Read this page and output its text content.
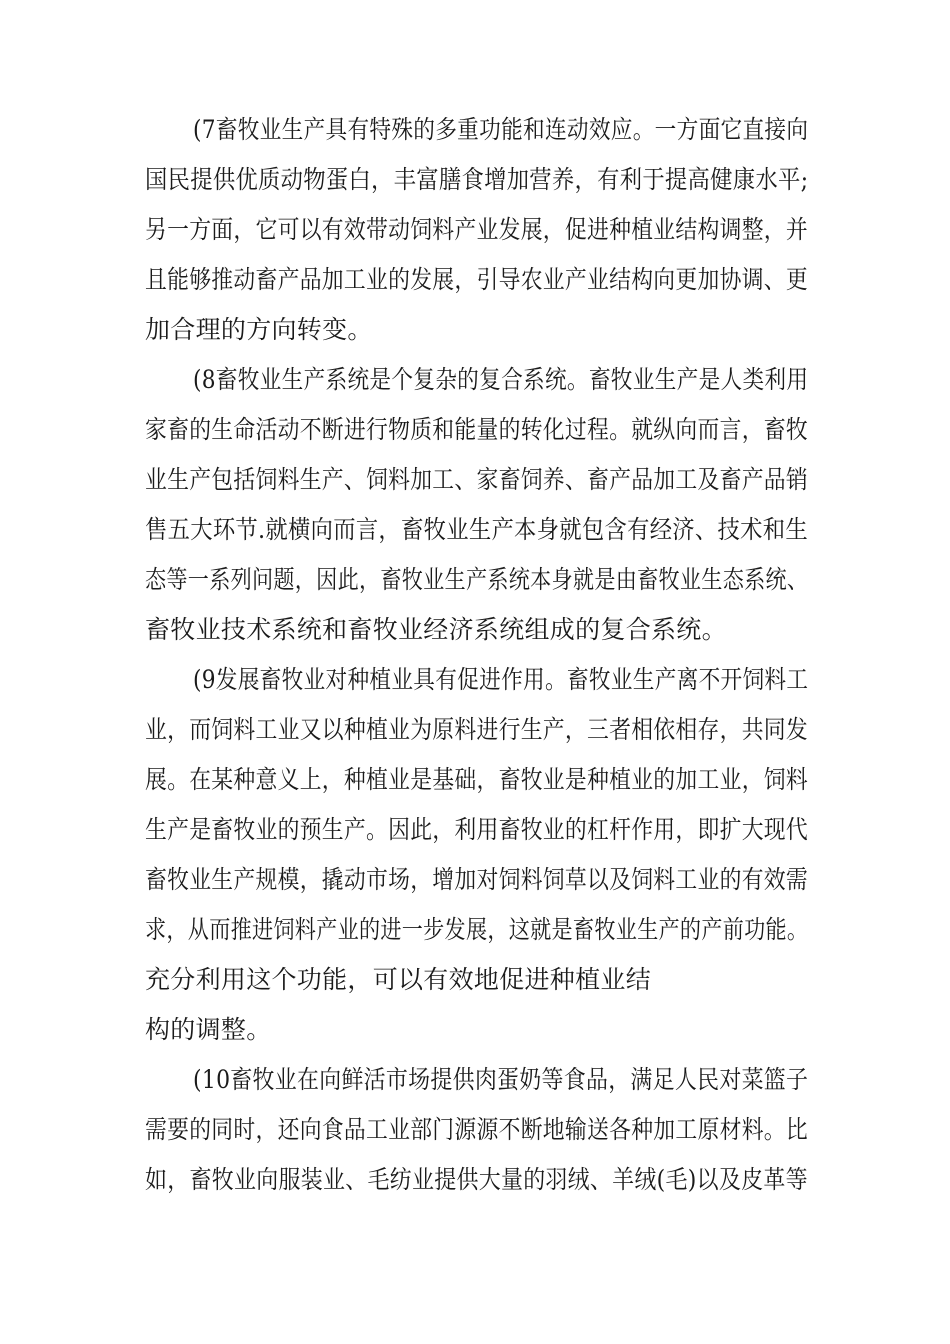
(7畜牧业生产具有特殊的多重功能和连动效应。一方面它直接向
国民提供优质动物蛋白，丰富膳食增加营养，有利于提高健康水平;
另一方面，它可以有效带动饲料产业发展，促进种植业结构调整，并
且能够推动畜产品加工业的发展，引导农业产业结构向更加协调、更
加合理的方向转变。
(8畜牧业生产系统是个复杂的复合系统。畜牧业生产是人类利用
家畜的生命活动不断进行物质和能量的转化过程。就纵向而言，畜牧
业生产包括饲料生产、饲料加工、家畜饲养、畜产品加工及畜产品销
售五大环节.就横向而言，畜牧业生产本身就包含有经济、技术和生
态等一系列问题，因此，畜牧业生产系统本身就是由畜牧业生态系统、
畜牧业技术系统和畜牧业经济系统组成的复合系统。
(9发展畜牧业对种植业具有促进作用。畜牧业生产离不开饲料工
业，而饲料工业又以种植业为原料进行生产，三者相依相存，共同发
展。在某种意义上，种植业是基础，畜牧业是种植业的加工业，饲料
生产是畜牧业的预生产。因此，利用畜牧业的杠杆作用，即扩大现代
畜牧业生产规模，撬动市场，增加对饲料饲草以及饲料工业的有效需
求，从而推进饲料产业的进一步发展，这就是畜牧业生产的产前功能。
充分利用这个功能，可以有效地促进种植业结
构的调整。
(10畜牧业在向鲜活市场提供肉蛋奶等食品，满足人民对菜篮子
需要的同时，还向食品工业部门源源不断地输送各种加工原材料。比
如，畜牧业向服装业、毛纺业提供大量的羽绒、羊绒(毛)以及皮革等
